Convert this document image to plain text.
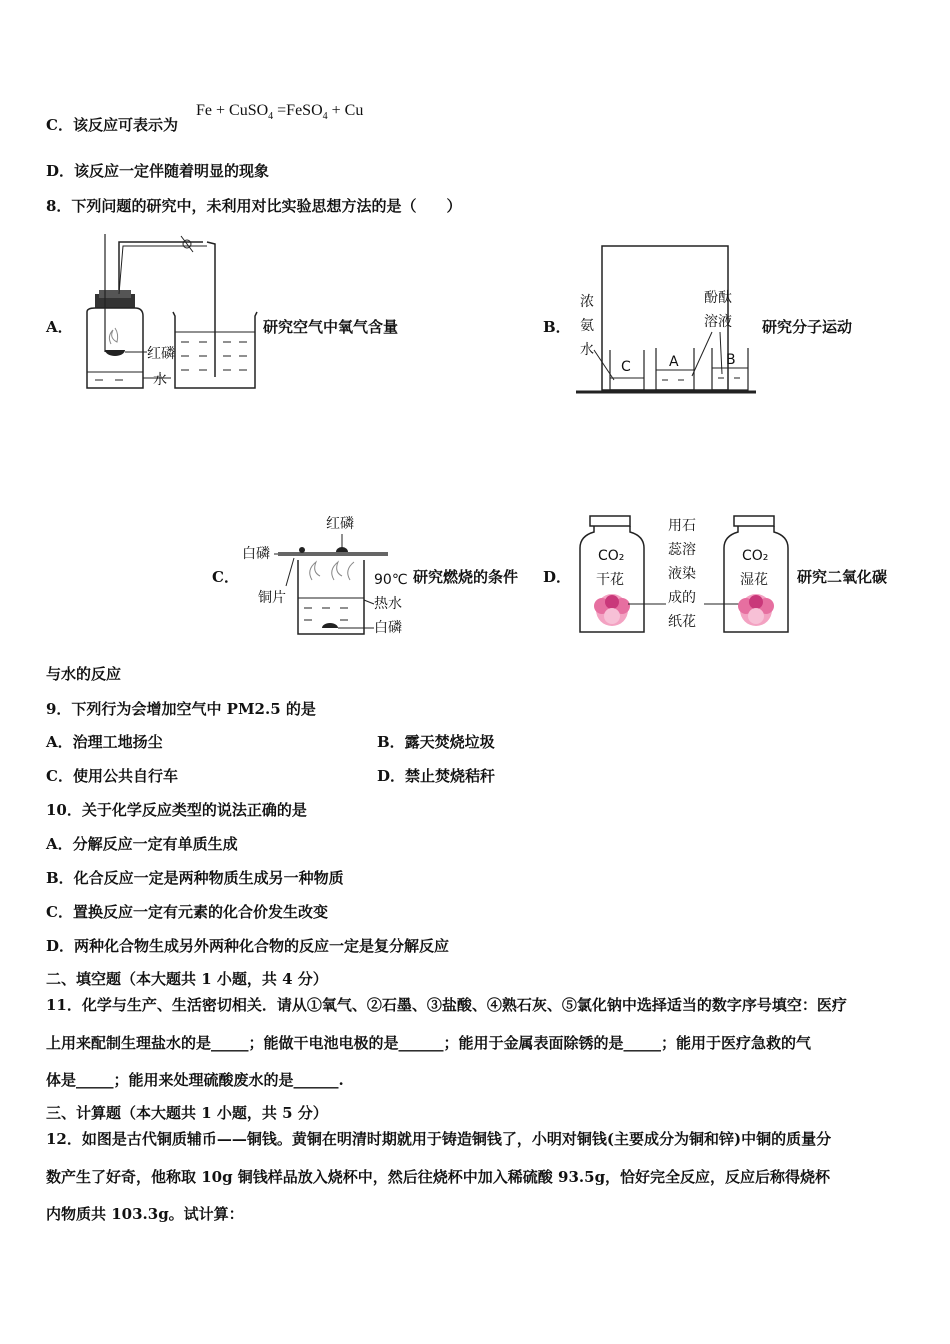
C．该反应可表示为
Fe + CuSO$_4$ =FeSO$_4$ + Cu
D．该反应一定伴随着明显的现象
8．下列问题的研究中，未利用对比实验思想方法的是（　　）
A．
红磷
水
研究空气中氧气含量	B．
C	A	B
浓
氨
水
酚酞
溶液 研究分子运动
C．
红磷
白磷
铜片
90℃
热水
白磷
研究燃烧的条件 D．
CO₂
干花
用石
蕊溶
液染
成的
纸花
CO₂
湿花 研究二氧化碳
与水的反应
9．下列行为会增加空气中 PM2.5 的是
A．治理工地扬尘	B．露天焚烧垃圾
C．使用公共自行车	D．禁止焚烧秸秆
10．关于化学反应类型的说法正确的是
A．分解反应一定有单质生成
B．化合反应一定是两种物质生成另一种物质
C．置换反应一定有元素的化合价发生改变
D．两种化合物生成另外两种化合物的反应一定是复分解反应
二、填空题（本大题共 1 小题，共 4 分）
11．化学与生产、生活密切相关．请从①氧气、②石墨、③盐酸、④熟石灰、⑤氯化钠中选择适当的数字序号填空：医疗
上用来配制生理盐水的是_____；能做干电池电极的是______；能用于金属表面除锈的是_____；能用于医疗急救的气
体是_____；能用来处理硫酸废水的是______.
三、计算题（本大题共 1 小题，共 5 分）
12．如图是古代铜质辅币——铜钱。黄铜在明清时期就用于铸造铜钱了，小明对铜钱(主要成分为铜和锌)中铜的质量分
数产生了好奇，他称取 10g 铜钱样品放入烧杯中，然后往烧杯中加入稀硫酸 93.5g，恰好完全反应，反应后称得烧杯
内物质共 103.3g。试计算：
